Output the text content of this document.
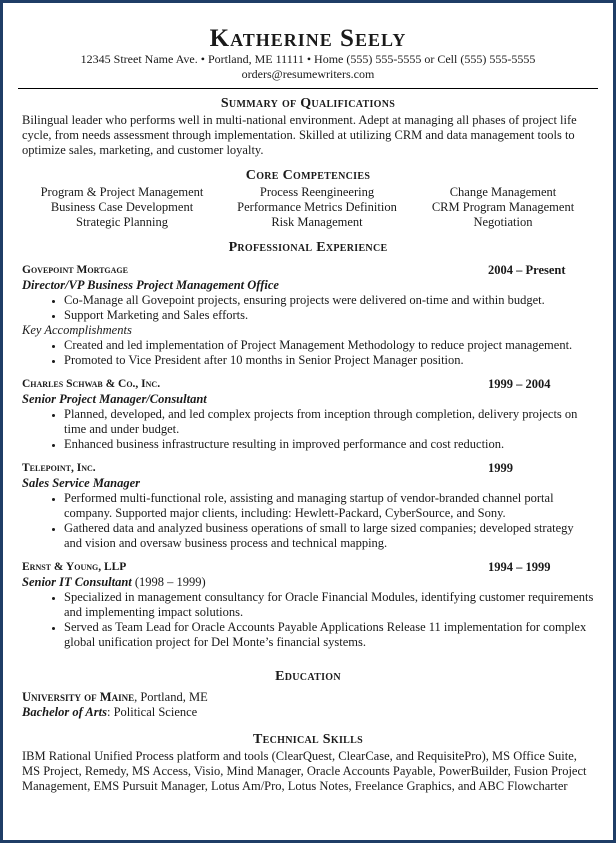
Katherine Seely
12345 Street Name Ave. • Portland, ME 11111 • Home (555) 555-5555 or Cell (555) 555-5555
orders@resumewriters.com
Summary of Qualifications

Bilingual leader who performs well in multi-national environment. Adept at managing all phases of project life cycle, from needs assessment through implementation. Skilled at utilizing CRM and data management tools to optimize sales, marketing, and customer loyalty.

Core Competencies
Program & Project Management	Process Reengineering	Change Management
Business Case Development	Performance Metrics Definition	CRM Program Management
Strategic Planning	Risk Management	Negotiation
Professional Experience
Govepoint Mortgage	2004 – Present
Director/VP Business Project Management Office
• Co-Manage all Govepoint projects, ensuring projects were delivered on-time and within budget.
• Support Marketing and Sales efforts.
Key Accomplishments
• Created and led implementation of Project Management Methodology to reduce project management.
• Promoted to Vice President after 10 months in Senior Project Manager position.
Charles Schwab & Co., Inc.	1999 – 2004
Senior Project Manager/Consultant
• Planned, developed, and led complex projects from inception through completion, delivery projects on time and under budget.
• Enhanced business infrastructure resulting in improved performance and cost reduction.
Telepoint, Inc.	1999
Sales Service Manager
• Performed multi-functional role, assisting and managing startup of vendor-branded channel portal company. Supported major clients, including: Hewlett-Packard, CyberSource, and Sony.
• Gathered data and analyzed business operations of small to large sized companies; developed strategy and vision and oversaw business process and technical mapping.
Ernst & Young, LLP	1994 – 1999
Senior IT Consultant (1998 – 1999)
• Specialized in management consultancy for Oracle Financial Modules, identifying customer requirements and implementing impact solutions.
• Served as Team Lead for Oracle Accounts Payable Applications Release 11 implementation for complex global unification project for Del Monte’s financial systems.
Education
University of Maine, Portland, ME
Bachelor of Arts: Political Science
Technical Skills

IBM Rational Unified Process platform and tools (ClearQuest, ClearCase, and RequisitePro), MS Office Suite, MS Project, Remedy, MS Access, Visio, Mind Manager, Oracle Accounts Payable, PowerBuilder, Fusion Project Management, EMS Pursuit Manager, Lotus Am/Pro, Lotus Notes, Freelance Graphics, and ABC Flowcharter
